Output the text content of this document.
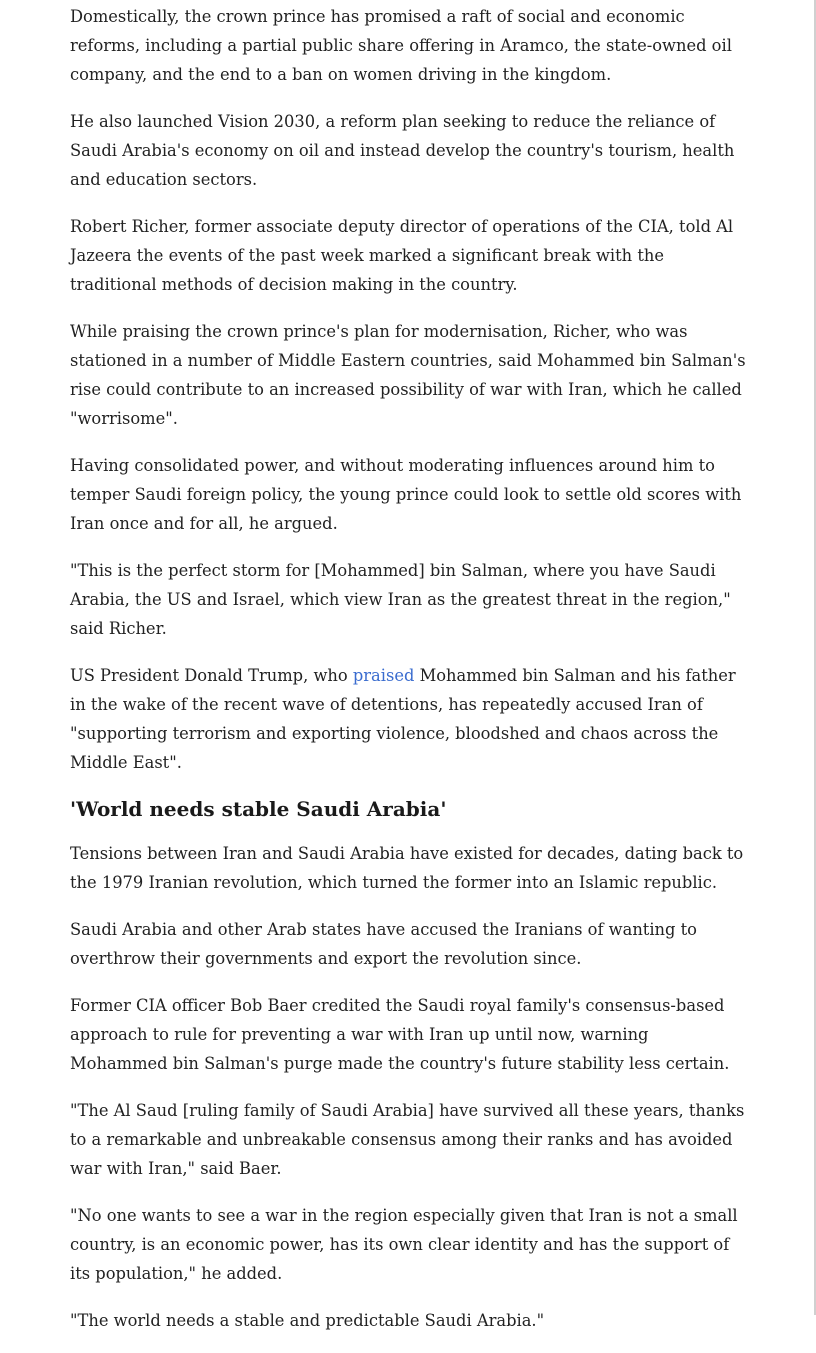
Domestically, the crown prince has promised a raft of social and economic reforms, including a partial public share offering in Aramco, the state-owned oil company, and the end to a ban on women driving in the kingdom.

He also launched Vision 2030, a reform plan seeking to reduce the reliance of Saudi Arabia's economy on oil and instead develop the country's tourism, health and education sectors.

Robert Richer, former associate deputy director of operations of the CIA, told Al Jazeera the events of the past week marked a significant break with the traditional methods of decision making in the country.

While praising the crown prince's plan for modernisation, Richer, who was stationed in a number of Middle Eastern countries, said Mohammed bin Salman's rise could contribute to an increased possibility of war with Iran, which he called "worrisome".

Having consolidated power, and without moderating influences around him to temper Saudi foreign policy, the young prince could look to settle old scores with Iran once and for all, he argued.

"This is the perfect storm for [Mohammed] bin Salman, where you have Saudi Arabia, the US and Israel, which view Iran as the greatest threat in the region," said Richer.

US President Donald Trump, who praised Mohammed bin Salman and his father in the wake of the recent wave of detentions, has repeatedly accused Iran of "supporting terrorism and exporting violence, bloodshed and chaos across the Middle East".

'World needs stable Saudi Arabia'

Tensions between Iran and Saudi Arabia have existed for decades, dating back to the 1979 Iranian revolution, which turned the former into an Islamic republic.

Saudi Arabia and other Arab states have accused the Iranians of wanting to overthrow their governments and export the revolution since.

Former CIA officer Bob Baer credited the Saudi royal family's consensus-based approach to rule for preventing a war with Iran up until now, warning Mohammed bin Salman's purge made the country's future stability less certain.

"The Al Saud [ruling family of Saudi Arabia] have survived all these years, thanks to a remarkable and unbreakable consensus among their ranks and has avoided war with Iran," said Baer.

"No one wants to see a war in the region especially given that Iran is not a small country, is an economic power, has its own clear identity and has the support of its population," he added.

"The world needs a stable and predictable Saudi Arabia."
